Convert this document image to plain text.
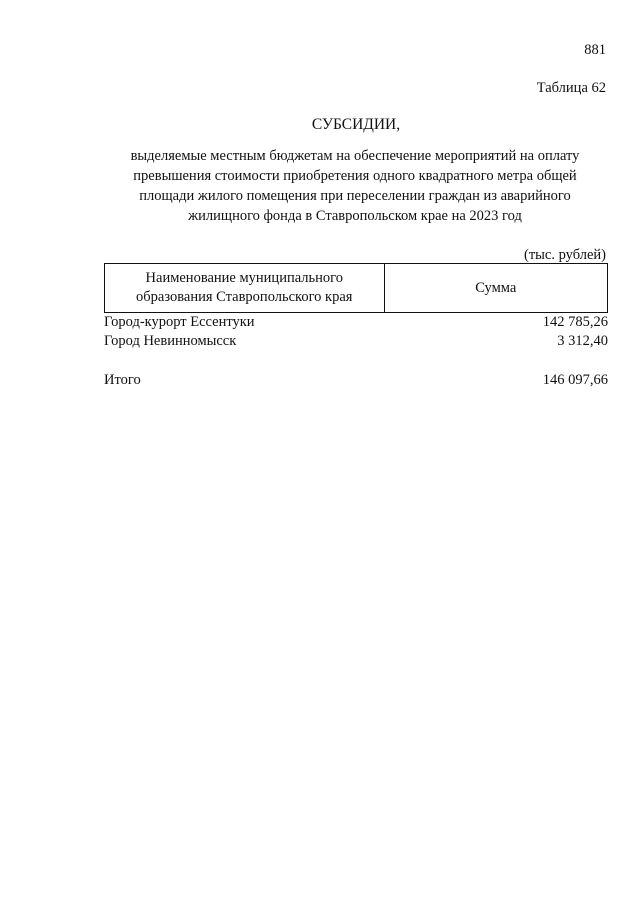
881
Таблица 62
СУБСИДИИ,
выделяемые местным бюджетам на обеспечение мероприятий на оплату
превышения стоимости приобретения одного квадратного метра общей
площади жилого помещения при переселении граждан из аварийного
жилищного фонда в Ставропольском крае на 2023 год
(тыс. рублей)
Наименование муниципального
образования Ставропольского края
	Сумма
Город-курорт Ессентуки	142 785,26
Город Невинномысск	3 312,40
Итого	146 097,66
